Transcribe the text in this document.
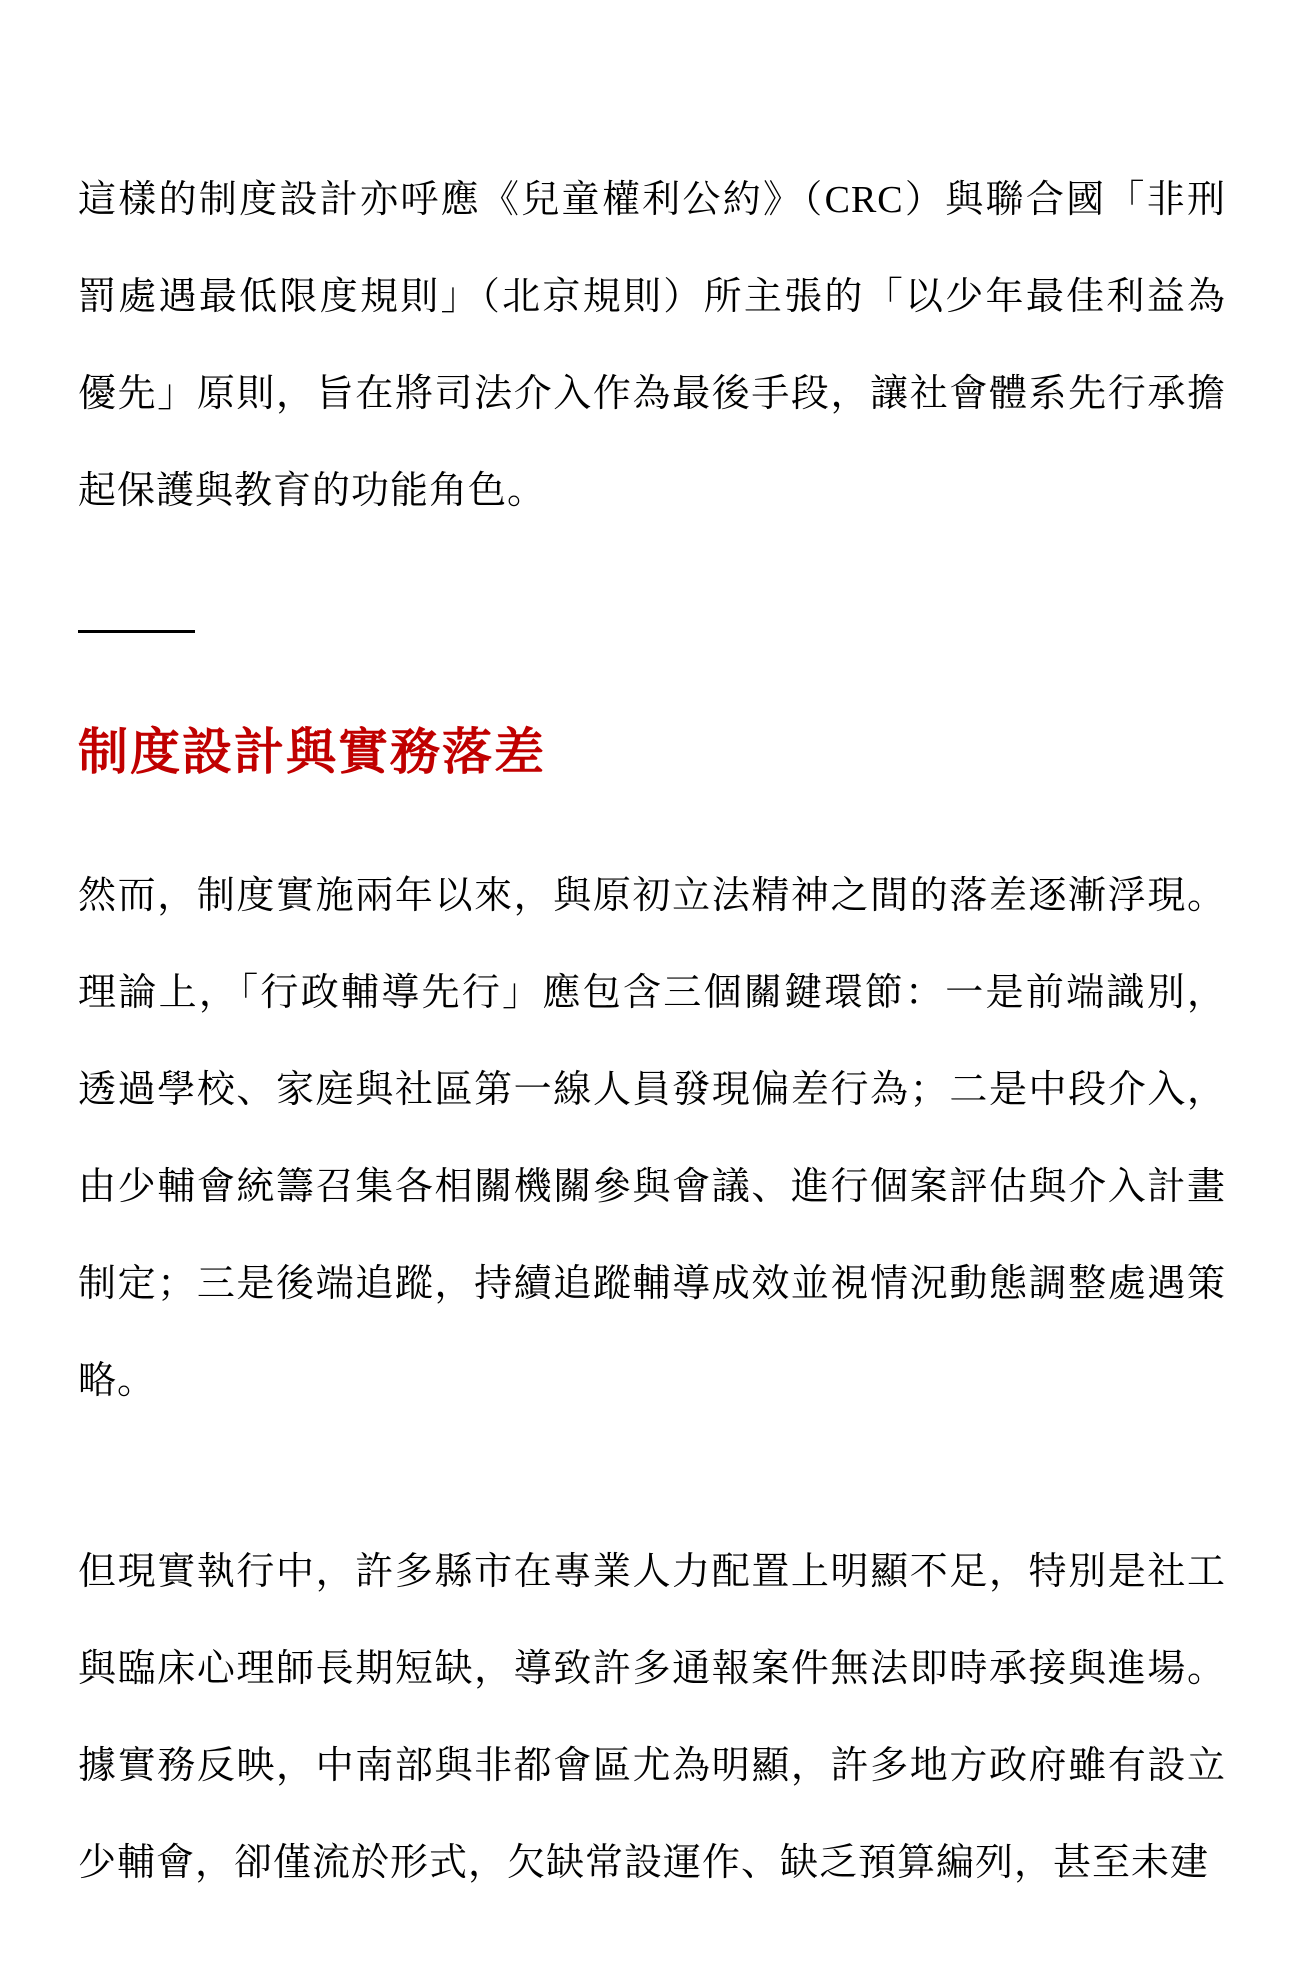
這樣的制度設計亦呼應《兒童權利公約》（CRC）與聯合國「非刑罰處遇最低限度規則」（北京規則）所主張的「以少年最佳利益為優先」原則，旨在將司法介入作為最後手段，讓社會體系先行承擔起保護與教育的功能角色。

制度設計與實務落差

然而，制度實施兩年以來，與原初立法精神之間的落差逐漸浮現。理論上，「行政輔導先行」應包含三個關鍵環節：一是前端識別，透過學校、家庭與社區第一線人員發現偏差行為；二是中段介入，由少輔會統籌召集各相關機關參與會議、進行個案評估與介入計畫制定；三是後端追蹤，持續追蹤輔導成效並視情況動態調整處遇策略。

但現實執行中，許多縣市在專業人力配置上明顯不足，特別是社工與臨床心理師長期短缺，導致許多通報案件無法即時承接與進場。據實務反映，中南部與非都會區尤為明顯，許多地方政府雖有設立少輔會，卻僅流於形式，欠缺常設運作、缺乏預算編列，甚至未建
